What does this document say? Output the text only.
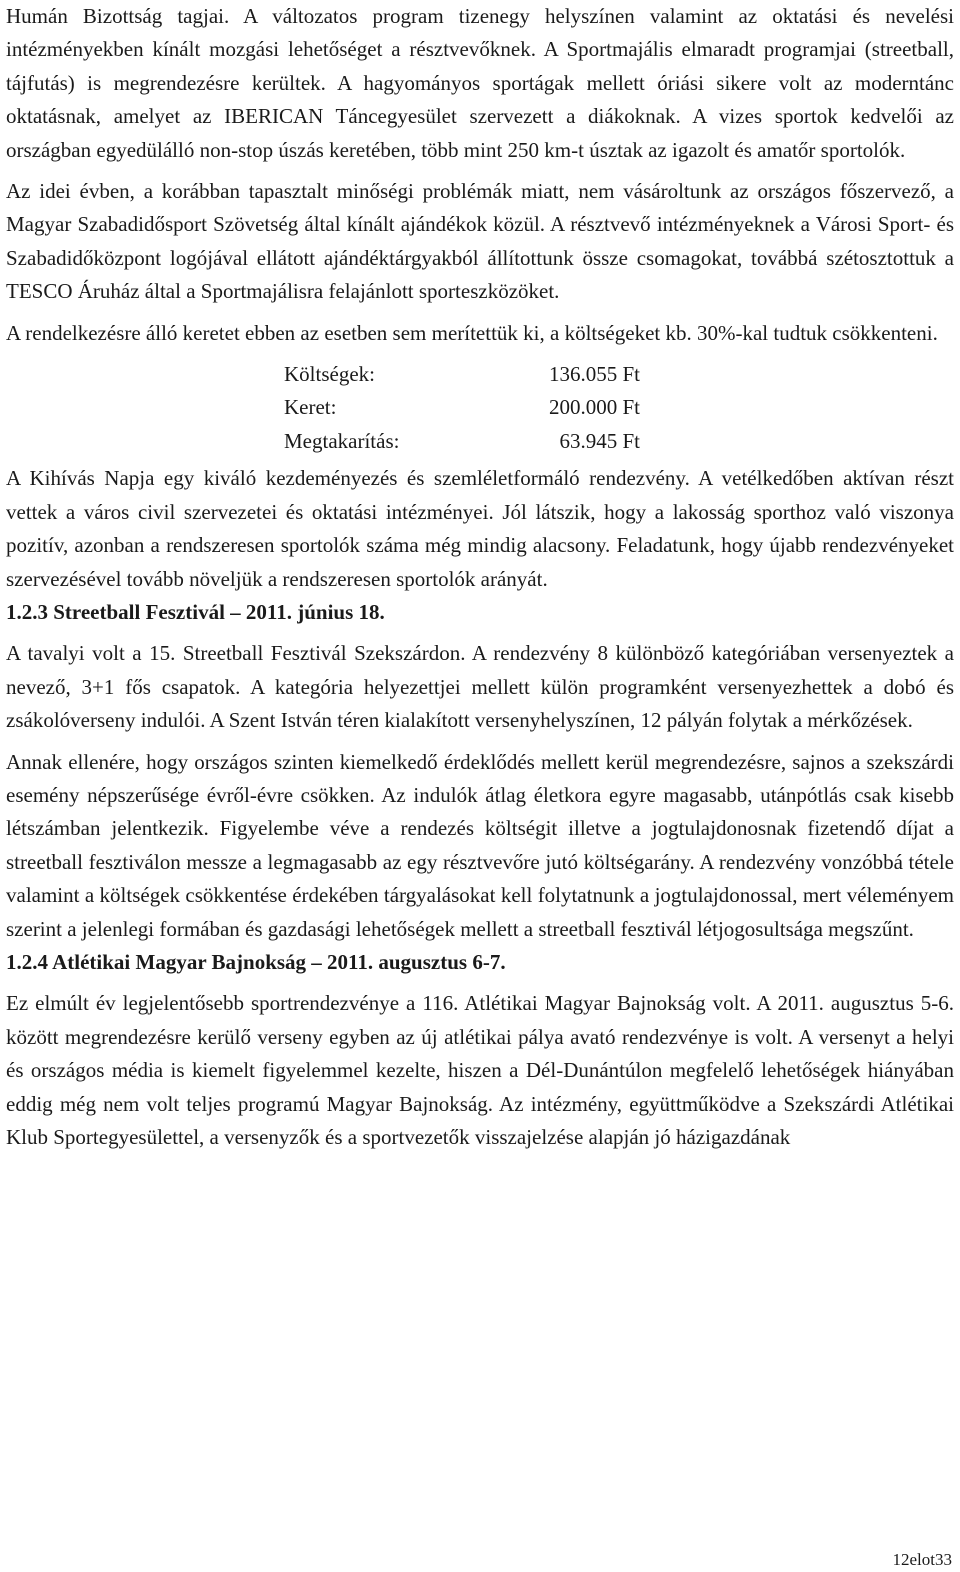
Humán Bizottság tagjai. A változatos program tizenegy helyszínen valamint az oktatási és nevelési intézményekben kínált mozgási lehetőséget a résztvevőknek. A Sportmajális elmaradt programjai (streetball, tájfutás) is megrendezésre kerültek. A hagyományos sportágak mellett óriási sikere volt az moderntánc oktatásnak, amelyet az IBERICAN Táncegyesület szervezett a diákoknak. A vizes sportok kedvelői az országban egyedülálló non-stop úszás keretében, több mint 250 km-t úsztak az igazolt és amatőr sportolók.

Az idei évben, a korábban tapasztalt minőségi problémák miatt, nem vásároltunk az országos főszervező, a Magyar Szabadidősport Szövetség által kínált ajándékok közül. A résztvevő intézményeknek a Városi Sport- és Szabadidőközpont logójával ellátott ajándéktárgyakból állítottunk össze csomagokat, továbbá szétosztottuk a TESCO Áruház által a Sportmajálisra felajánlott sporteszközöket.

A rendelkezésre álló keretet ebben az esetben sem merítettük ki, a költségeket kb. 30%-kal tudtuk csökkenteni.

Költségek:	136.055 Ft
Keret:	200.000 Ft
Megtakarítás:	63.945 Ft

A Kihívás Napja egy kiváló kezdeményezés és szemléletformáló rendezvény. A vetélkedőben aktívan részt vettek a város civil szervezetei és oktatási intézményei. Jól látszik, hogy a lakosság sporthoz való viszonya pozitív, azonban a rendszeresen sportolók száma még mindig alacsony. Feladatunk, hogy újabb rendezvényeket szervezésével tovább növeljük a rendszeresen sportolók arányát.

1.2.3 Streetball Fesztivál – 2011. június 18.

A tavalyi volt a 15. Streetball Fesztivál Szekszárdon. A rendezvény 8 különböző kategóriában versenyeztek a nevező, 3+1 fős csapatok. A kategória helyezettjei mellett külön programként versenyezhettek a dobó és zsákolóverseny indulói. A Szent István téren kialakított versenyhelyszínen, 12 pályán folytak a mérkőzések.

Annak ellenére, hogy országos szinten kiemelkedő érdeklődés mellett kerül megrendezésre, sajnos a szekszárdi esemény népszerűsége évről-évre csökken. Az indulók átlag életkora egyre magasabb, utánpótlás csak kisebb létszámban jelentkezik. Figyelembe véve a rendezés költségit illetve a jogtulajdonosnak fizetendő díjat a streetball fesztiválon messze a legmagasabb az egy résztvevőre jutó költségarány. A rendezvény vonzóbbá tétele valamint a költségek csökkentése érdekében tárgyalásokat kell folytatnunk a jogtulajdonossal, mert véleményem szerint a jelenlegi formában és gazdasági lehetőségek mellett a streetball fesztivál létjogosultsága megszűnt.

1.2.4 Atlétikai Magyar Bajnokság – 2011. augusztus 6-7.

Ez elmúlt év legjelentősebb sportrendezvénye a 116. Atlétikai Magyar Bajnokság volt. A 2011. augusztus 5-6. között megrendezésre kerülő verseny egyben az új atlétikai pálya avató rendezvénye is volt. A versenyt a helyi és országos média is kiemelt figyelemmel kezelte, hiszen a Dél-Dunántúlon megfelelő lehetőségek hiányában eddig még nem volt teljes programú Magyar Bajnokság. Az intézmény, együttműködve a Szekszárdi Atlétikai Klub Sportegyesülettel, a versenyzők és a sportvezetők visszajelzése alapján jó házigazdának

12elot33
